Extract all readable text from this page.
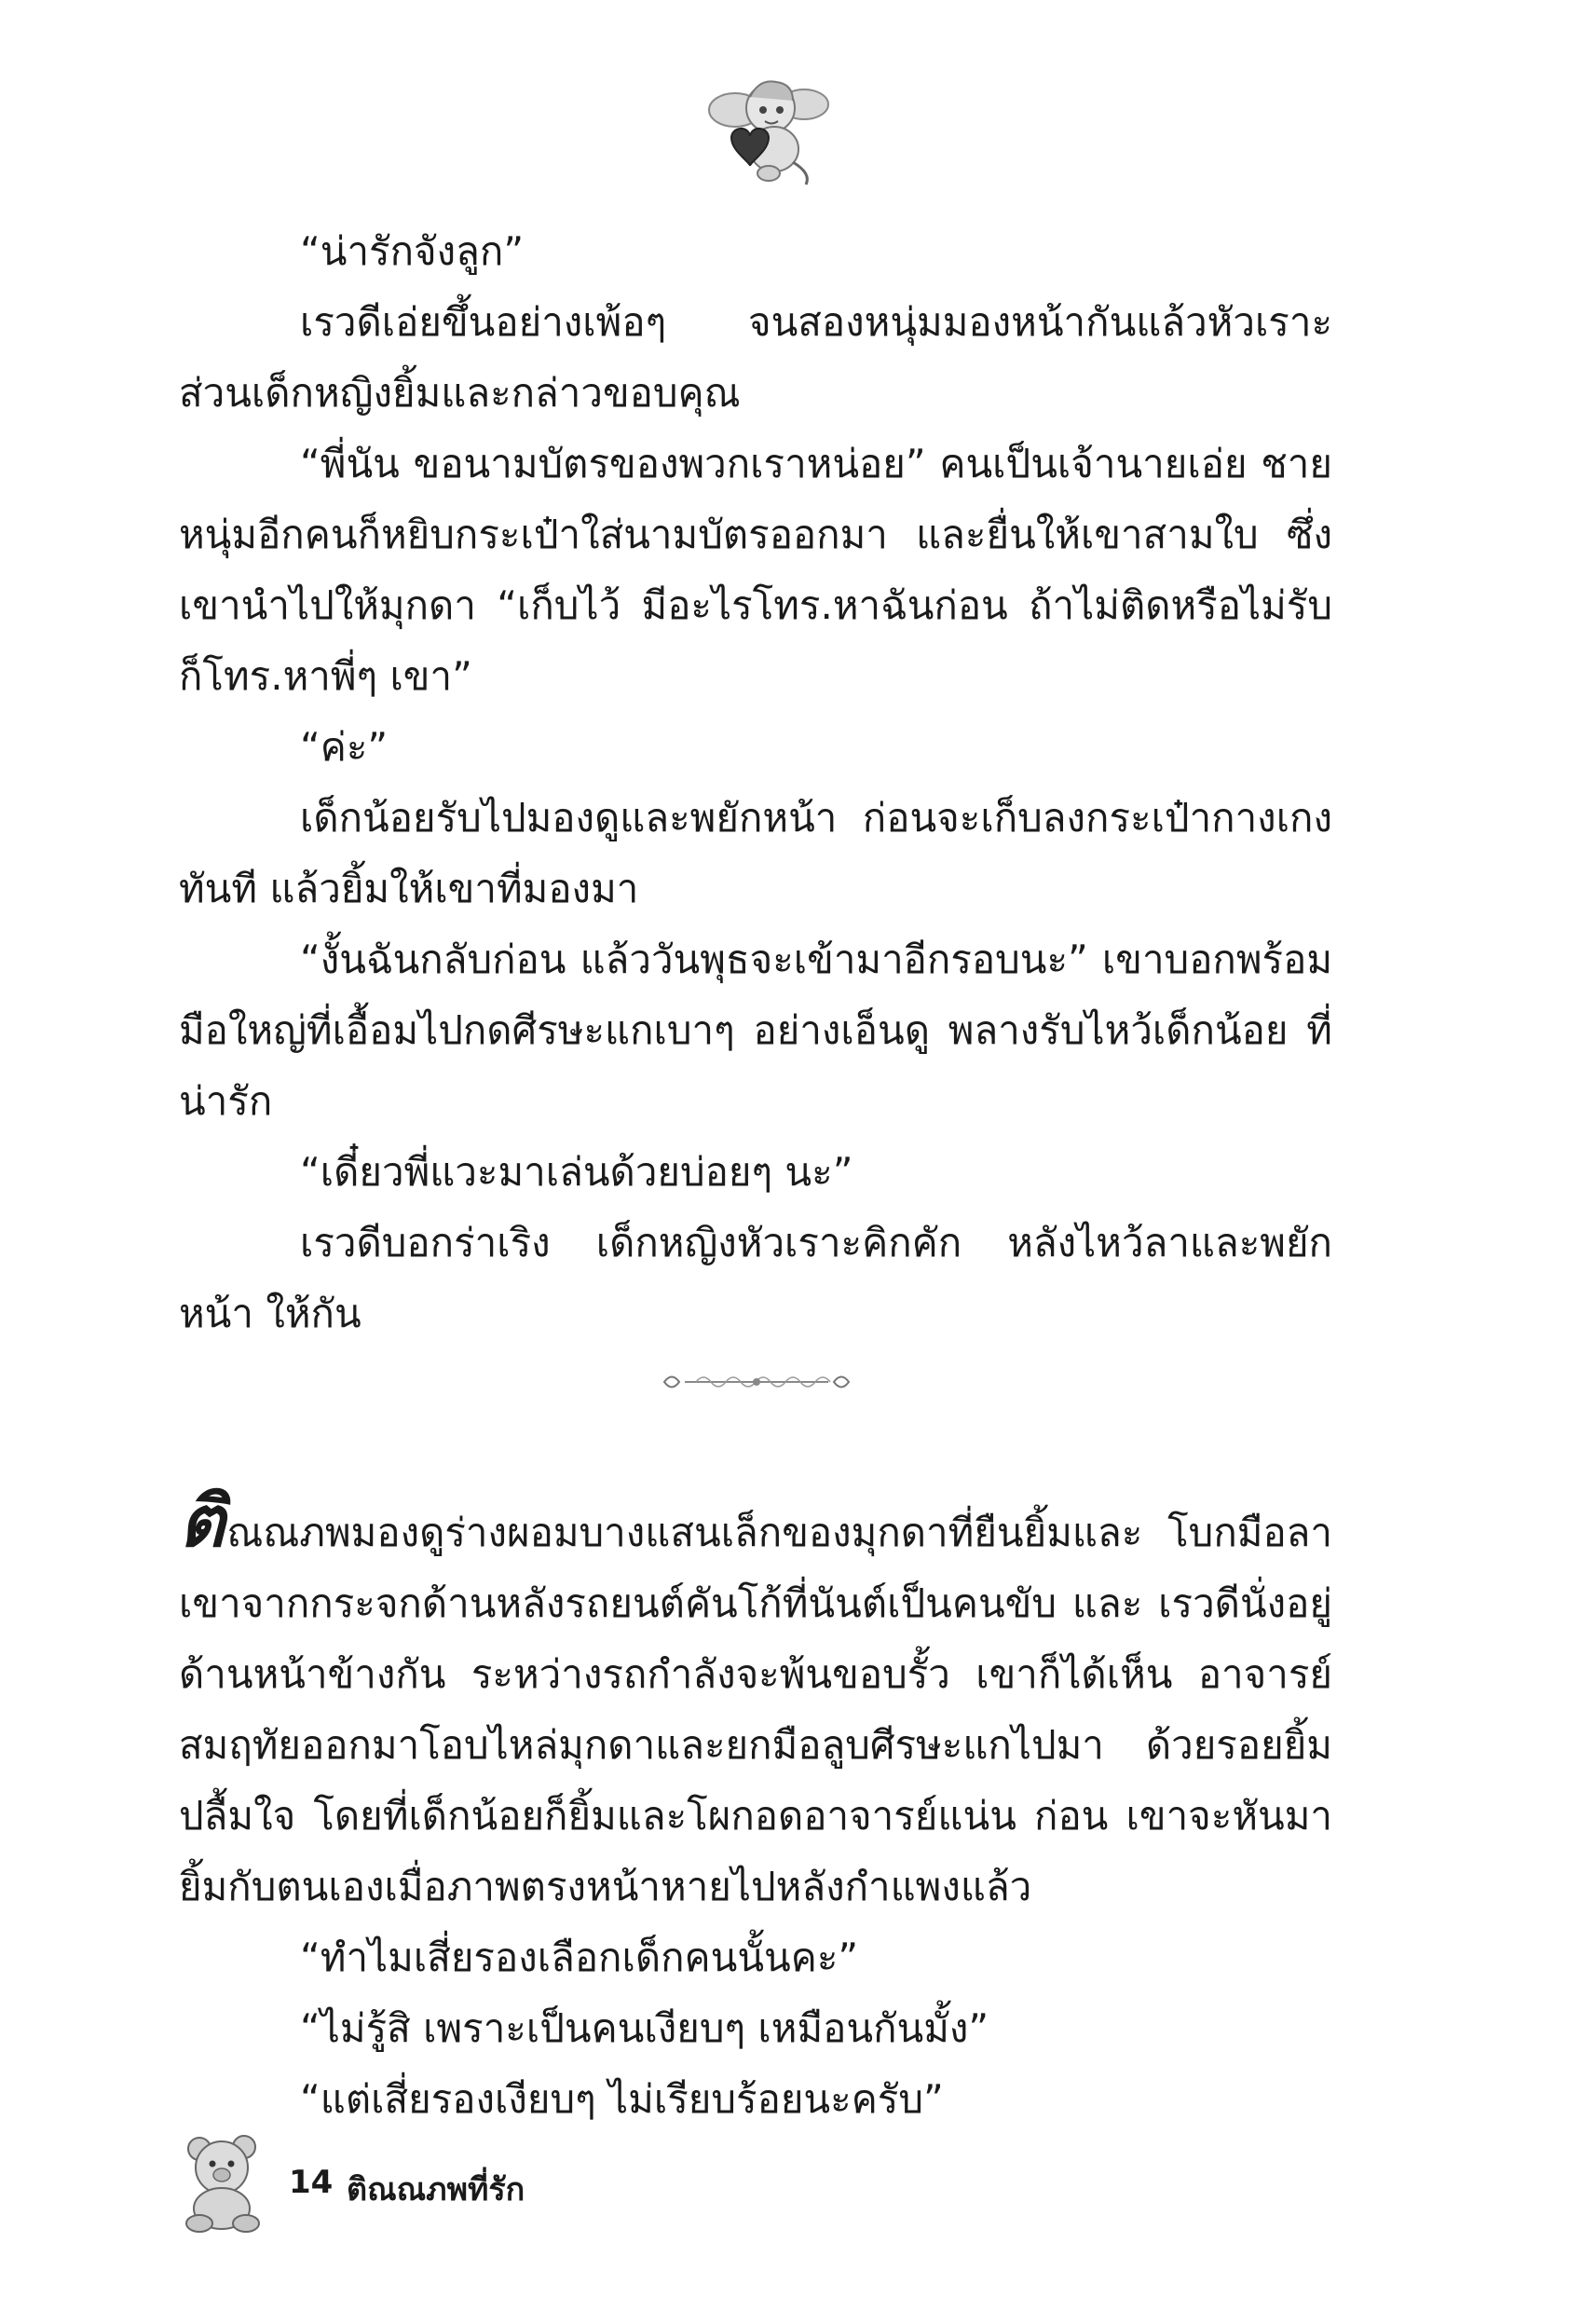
“น่ารักจังลูก”

เรวดีเอ่ยขึ้นอย่างเพ้อๆ จนสองหนุ่มมองหน้ากันแล้วหัวเราะ ส่วนเด็กหญิงยิ้มและกล่าวขอบคุณ

“พี่นัน ขอนามบัตรของพวกเราหน่อย” คนเป็นเจ้านายเอ่ย ชายหนุ่มอีกคนก็หยิบกระเป๋าใส่นามบัตรออกมา และยื่นให้เขาสามใบ ซึ่งเขานำไปให้มุกดา “เก็บไว้ มีอะไรโทร.หาฉันก่อน ถ้าไม่ติดหรือไม่รับ ก็โทร.หาพี่ๆ เขา”

“ค่ะ”

เด็กน้อยรับไปมองดูและพยักหน้า ก่อนจะเก็บลงกระเป๋ากางเกง ทันที แล้วยิ้มให้เขาที่มองมา

“งั้นฉันกลับก่อน แล้ววันพุธจะเข้ามาอีกรอบนะ” เขาบอกพร้อม มือใหญ่ที่เอื้อมไปกดศีรษะแกเบาๆ อย่างเอ็นดู พลางรับไหว้เด็กน้อย ที่น่ารัก

“เดี๋ยวพี่แวะมาเล่นด้วยบ่อยๆ นะ”

เรวดีบอกร่าเริง เด็กหญิงหัวเราะคิกคัก หลังไหว้ลาและพยักหน้า ให้กัน

ติณณภพมองดูร่างผอมบางแสนเล็กของมุกดาที่ยืนยิ้มและ โบกมือลาเขาจากกระจกด้านหลังรถยนต์คันโก้ที่นันต์เป็นคนขับ และ เรวดีนั่งอยู่ด้านหน้าข้างกัน ระหว่างรถกำลังจะพ้นขอบรั้ว เขาก็ได้เห็น อาจารย์สมฤทัยออกมาโอบไหล่มุกดาและยกมือลูบศีรษะแกไปมา ด้วยรอยยิ้มปลื้มใจ โดยที่เด็กน้อยก็ยิ้มและโผกอดอาจารย์แน่น ก่อน เขาจะหันมายิ้มกับตนเองเมื่อภาพตรงหน้าหายไปหลังกำแพงแล้ว

“ทำไมเสี่ยรองเลือกเด็กคนนั้นคะ”

“ไม่รู้สิ เพราะเป็นคนเงียบๆ เหมือนกันมั้ง”

“แต่เสี่ยรองเงียบๆ ไม่เรียบร้อยนะครับ”

14 ติณณภพที่รัก
